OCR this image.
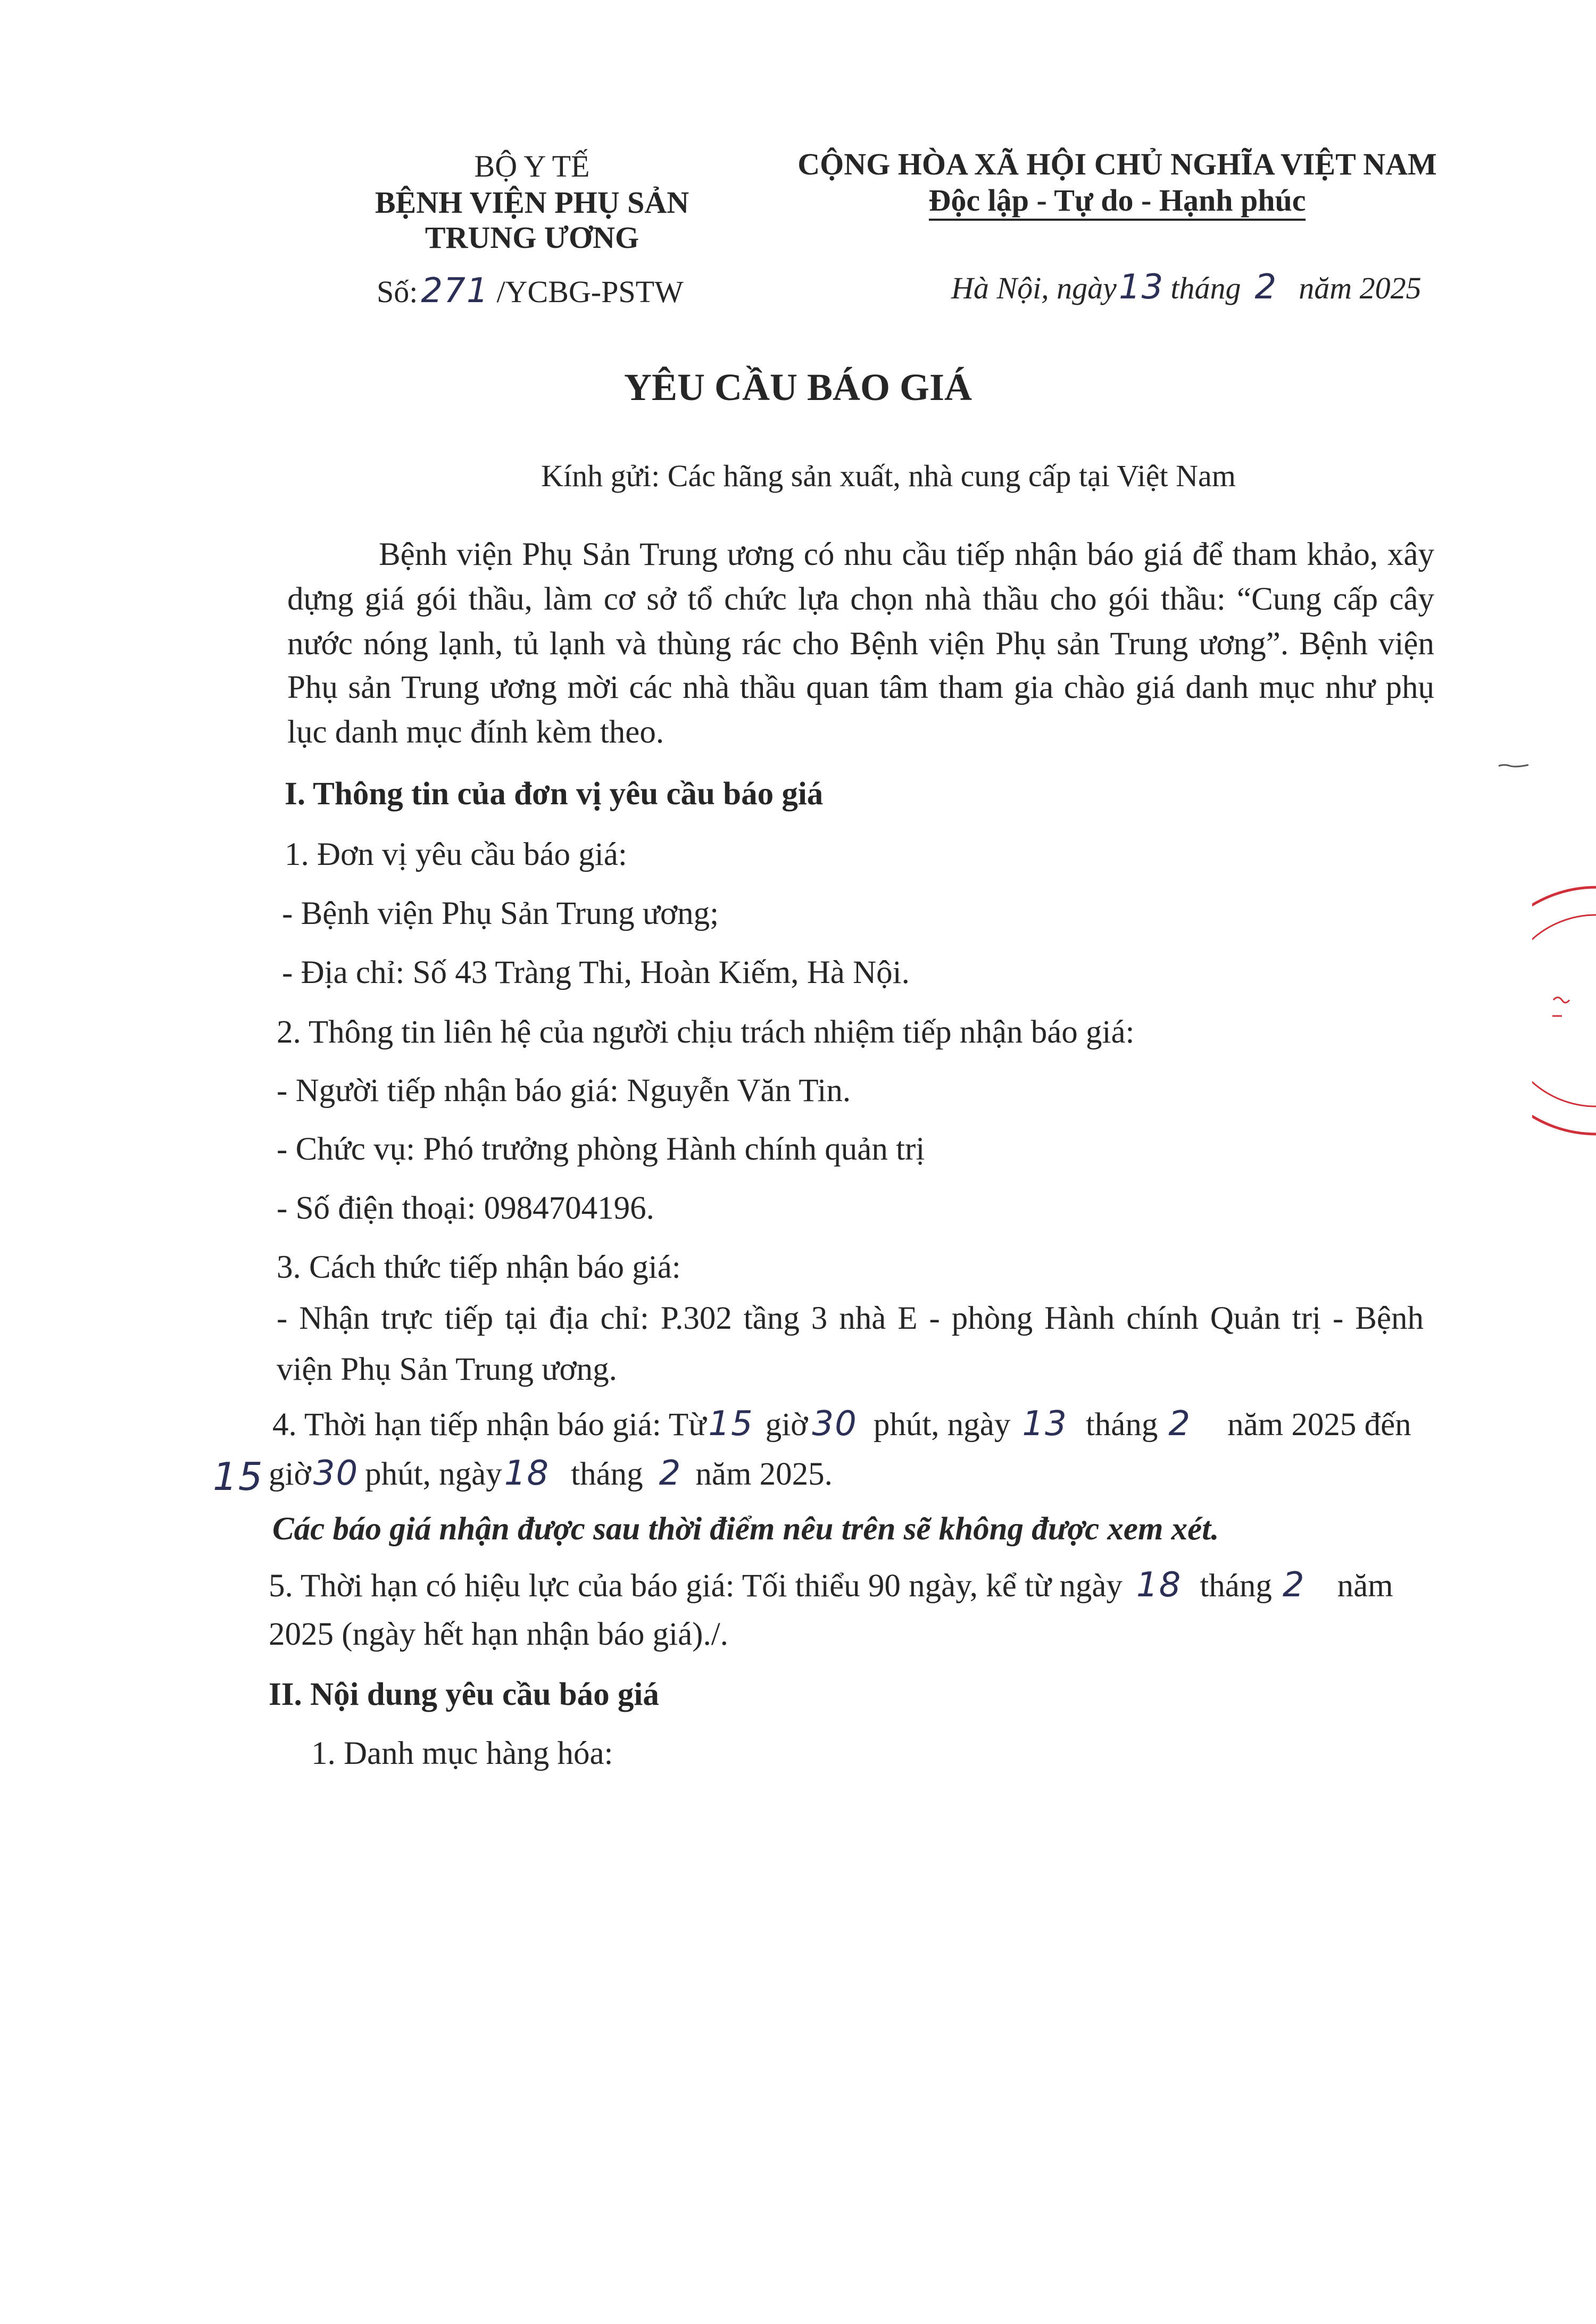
BỘ Y TẾ
BỆNH VIỆN PHỤ SẢN
TRUNG ƯƠNG
Số:271 /YCBG-PSTW
CỘNG HÒA XÃ HỘI CHỦ NGHĨA VIỆT NAM
Độc lập - Tự do - Hạnh phúc
Hà Nội, ngày13 tháng 2 năm 2025
YÊU CẦU BÁO GIÁ
Kính gửi: Các hãng sản xuất, nhà cung cấp tại Việt Nam
Bệnh viện Phụ Sản Trung ương có nhu cầu tiếp nhận báo giá để tham khảo, xây
dựng giá gói thầu, làm cơ sở tổ chức lựa chọn nhà thầu cho gói thầu: “Cung cấp cây
nước nóng lạnh, tủ lạnh và thùng rác cho Bệnh viện Phụ sản Trung ương”. Bệnh viện
Phụ sản Trung ương mời các nhà thầu quan tâm tham gia chào giá danh mục như phụ
lục danh mục đính kèm theo.
I. Thông tin của đơn vị yêu cầu báo giá
1. Đơn vị yêu cầu báo giá:
- Bệnh viện Phụ Sản Trung ương;
- Địa chỉ: Số 43 Tràng Thi, Hoàn Kiếm, Hà Nội.
2. Thông tin liên hệ của người chịu trách nhiệm tiếp nhận báo giá:
- Người tiếp nhận báo giá: Nguyễn Văn Tin.
- Chức vụ: Phó trưởng phòng Hành chính quản trị
- Số điện thoại: 0984704196.
3. Cách thức tiếp nhận báo giá:
- Nhận trực tiếp tại địa chỉ: P.302 tầng 3 nhà E - phòng Hành chính Quản trị - Bệnh
viện Phụ Sản Trung ương.
4. Thời hạn tiếp nhận báo giá: Từ15 giờ 30 phút, ngày 13 tháng 2 năm 2025 đến
15 giờ30 phút, ngày18 tháng 2 năm 2025.
Các báo giá nhận được sau thời điểm nêu trên sẽ không được xem xét.
5. Thời hạn có hiệu lực của báo giá: Tối thiểu 90 ngày, kể từ ngày 18 tháng 2 năm
2025 (ngày hết hạn nhận báo giá)./.
II. Nội dung yêu cầu báo giá
1. Danh mục hàng hóa:
